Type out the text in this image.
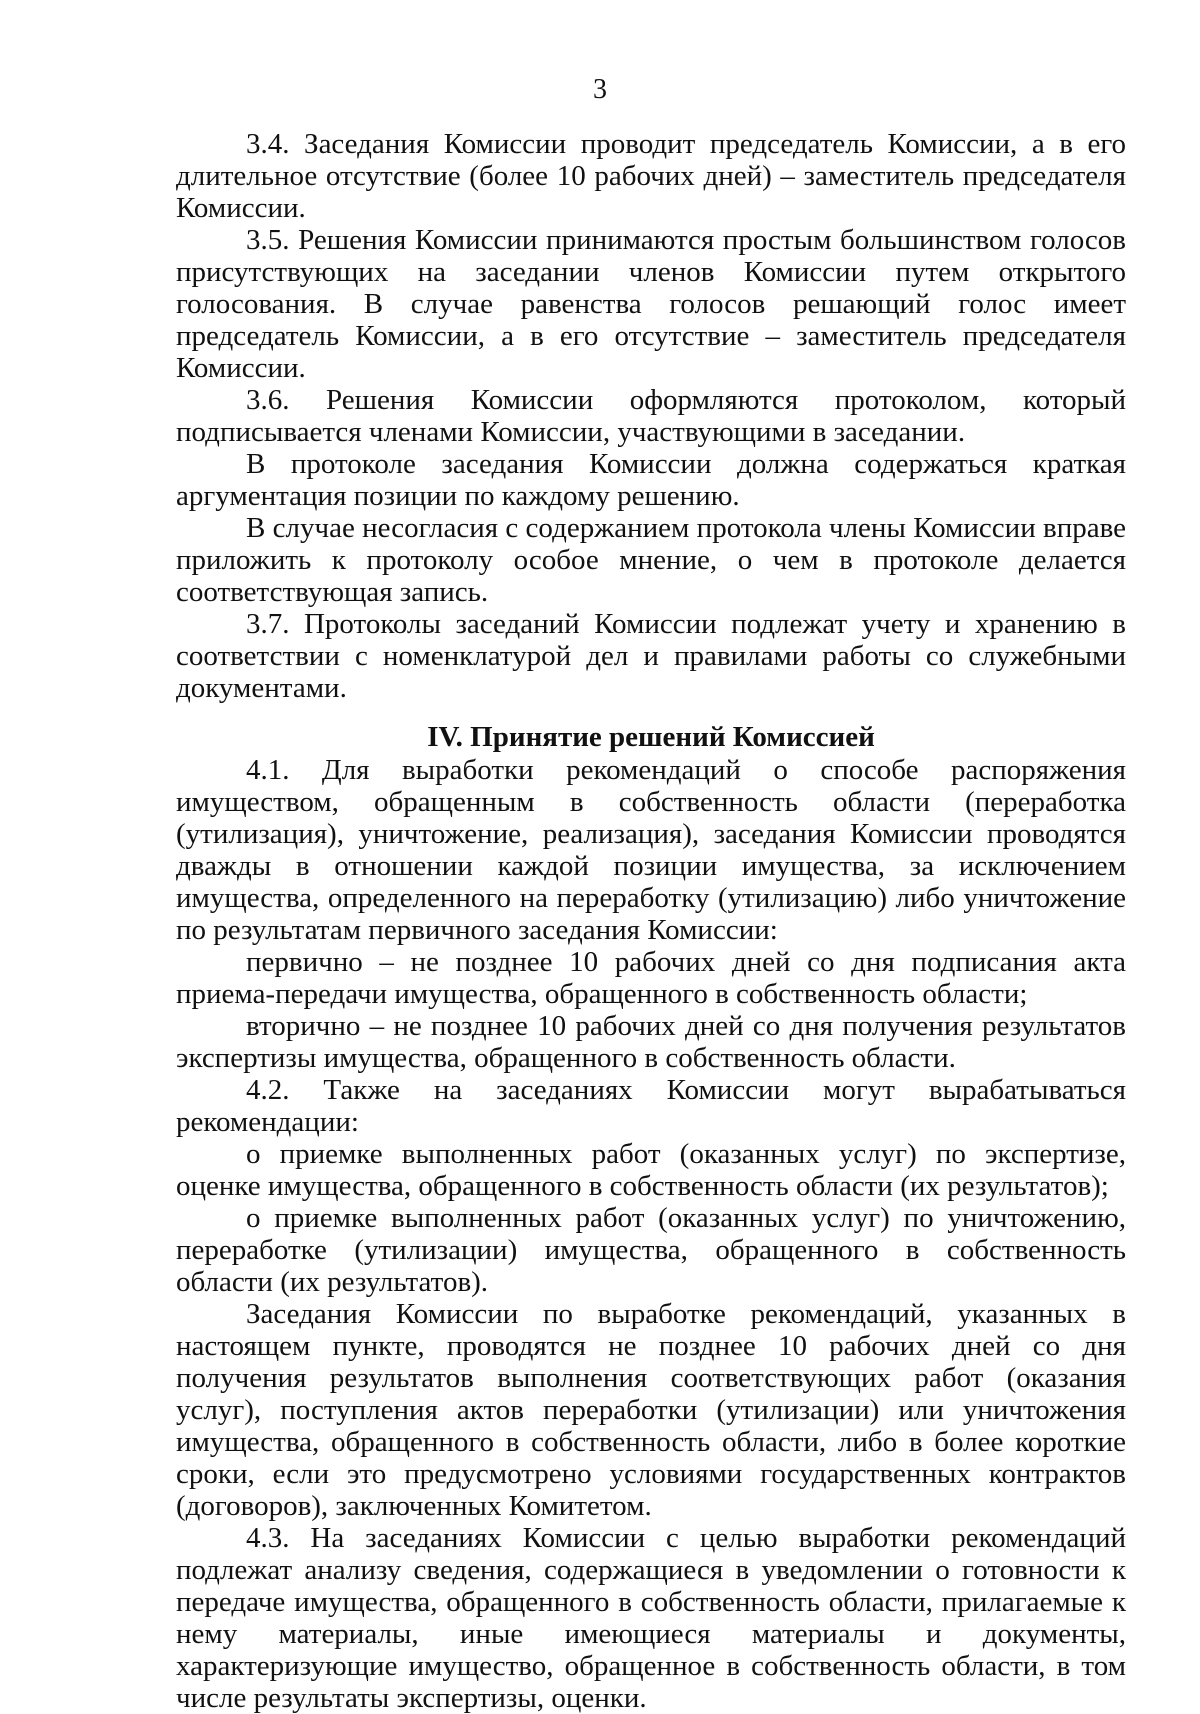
3

3.4. Заседания Комиссии проводит председатель Комиссии, а в его длительное отсутствие (более 10 рабочих дней) – заместитель председателя Комиссии.

3.5. Решения Комиссии принимаются простым большинством голосов присутствующих на заседании членов Комиссии путем открытого голосования. В случае равенства голосов решающий голос имеет председатель Комиссии, а в его отсутствие – заместитель председателя Комиссии.

3.6. Решения Комиссии оформляются протоколом, который подписывается членами Комиссии, участвующими в заседании.

В протоколе заседания Комиссии должна содержаться краткая аргументация позиции по каждому решению.

В случае несогласия с содержанием протокола члены Комиссии вправе приложить к протоколу особое мнение, о чем в протоколе делается соответствующая запись.

3.7. Протоколы заседаний Комиссии подлежат учету и хранению в соответствии с номенклатурой дел и правилами работы со служебными документами.

IV. Принятие решений Комиссией

4.1. Для выработки рекомендаций о способе распоряжения имуществом, обращенным в собственность области (переработка (утилизация), уничтожение, реализация), заседания Комиссии проводятся дважды в отношении каждой позиции имущества, за исключением имущества, определенного на переработку (утилизацию) либо уничтожение по результатам первичного заседания Комиссии:

первично – не позднее 10 рабочих дней со дня подписания акта приема-передачи имущества, обращенного в собственность области;

вторично – не позднее 10 рабочих дней со дня получения результатов экспертизы имущества, обращенного в собственность области.

4.2. Также на заседаниях Комиссии могут вырабатываться рекомендации:

о приемке выполненных работ (оказанных услуг) по экспертизе, оценке имущества, обращенного в собственность области (их результатов);

о приемке выполненных работ (оказанных услуг) по уничтожению, переработке (утилизации) имущества, обращенного в собственность области (их результатов).

Заседания Комиссии по выработке рекомендаций, указанных в настоящем пункте, проводятся не позднее 10 рабочих дней со дня получения результатов выполнения соответствующих работ (оказания услуг), поступления актов переработки (утилизации) или уничтожения имущества, обращенного в собственность области, либо в более короткие сроки, если это предусмотрено условиями государственных контрактов (договоров), заключенных Комитетом.

4.3. На заседаниях Комиссии с целью выработки рекомендаций подлежат анализу сведения, содержащиеся в уведомлении о готовности к передаче имущества, обращенного в собственность области, прилагаемые к нему материалы, иные имеющиеся материалы и документы, характеризующие имущество, обращенное в собственность области, в том числе результаты экспертизы, оценки.
